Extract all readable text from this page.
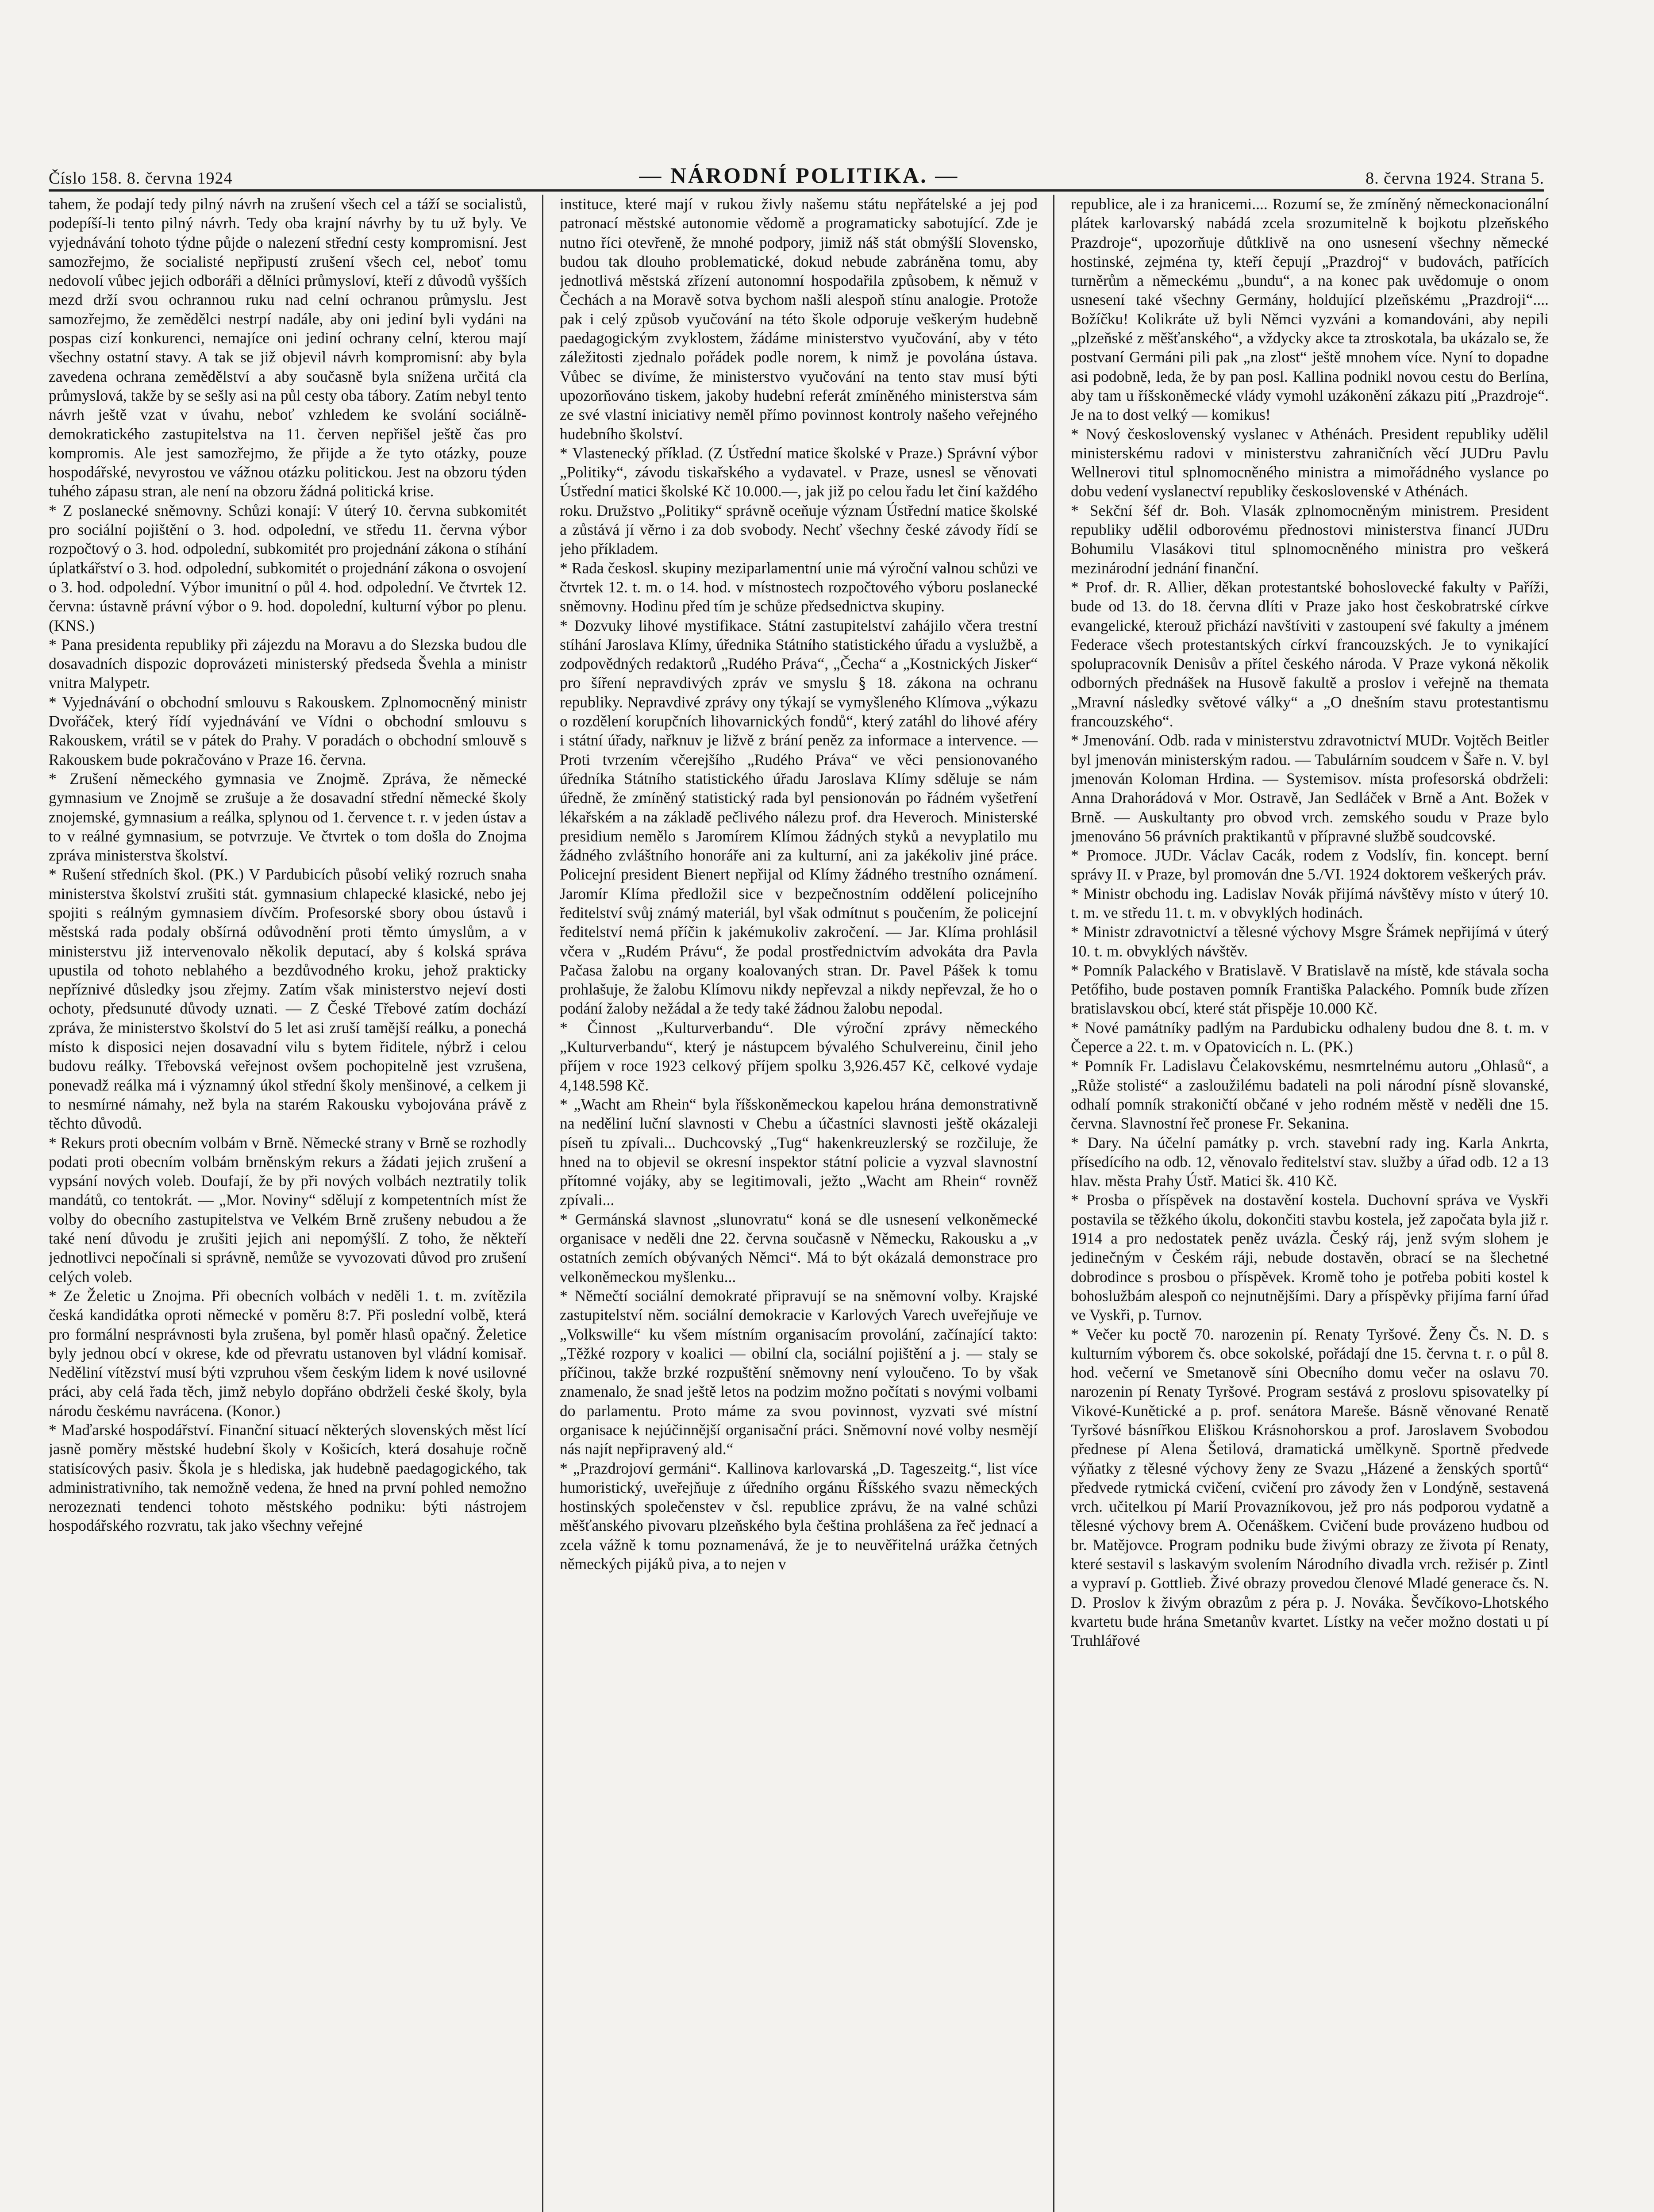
Číslo 158. 8. června 1924	— NÁRODNÍ POLITIKA. —	8. června 1924. Strana 5.

tahem, že podají tedy pilný návrh na zrušení všech cel a táží se socialistů, podepíší-li tento pilný návrh. Tedy oba krajní návrhy by tu už byly. Ve vyjednávání tohoto týdne půjde o nalezení střední cesty kompromisní. Jest samozřejmo, že socialisté nepřipustí zrušení všech cel, neboť tomu nedovolí vůbec jejich odboráři a dělníci průmysloví, kteří z důvodů vyšších mezd drží svou ochrannou ruku nad celní ochranou průmyslu. Jest samozřejmo, že zemědělci nestrpí nadále, aby oni jediní byli vydáni na pospas cizí konkurenci, nemajíce oni jediní ochrany celní, kterou mají všechny ostatní stavy. A tak se již objevil návrh kompromisní: aby byla zavedena ochrana zemědělství a aby současně byla snížena určitá cla průmyslová, takže by se sešly asi na půl cesty oba tábory. Zatím nebyl tento návrh ještě vzat v úvahu, neboť vzhledem ke svolání sociálně-demokratického zastupitelstva na 11. červen nepřišel ještě čas pro kompromis. Ale jest samozřejmo, že přijde a že tyto otázky, pouze hospodářské, nevyrostou ve vážnou otázku politickou. Jest na obzoru týden tuhého zápasu stran, ale není na obzoru žádná politická krise.

* Z poslanecké sněmovny. Schůzi konají: V úterý 10. června subkomitét pro sociální pojištění o 3. hod. odpolední, ve středu 11. června výbor rozpočtový o 3. hod. odpolední, subkomitét pro projednání zákona o stíhání úplatkářství o 3. hod. odpolední, subkomitét o projednání zákona o osvojení o 3. hod. odpolední. Výbor imunitní o půl 4. hod. odpolední. Ve čtvrtek 12. června: ústavně právní výbor o 9. hod. dopolední, kulturní výbor po plenu. (KNS.)

* Pana presidenta republiky při zájezdu na Moravu a do Slezska budou dle dosavadních dispozic doprovázeti ministerský předseda Švehla a ministr vnitra Malypetr.

* Vyjednávání o obchodní smlouvu s Rakouskem. Zplnomocněný ministr Dvořáček, který řídí vyjednávání ve Vídni o obchodní smlouvu s Rakouskem, vrátil se v pátek do Prahy. V poradách o obchodní smlouvě s Rakouskem bude pokračováno v Praze 16. června.

* Zrušení německého gymnasia ve Znojmě. Zpráva, že německé gymnasium ve Znojmě se zrušuje a že dosavadní střední německé školy znojemské, gymnasium a reálka, splynou od 1. července t. r. v jeden ústav a to v reálné gymnasium, se potvrzuje. Ve čtvrtek o tom došla do Znojma zpráva ministerstva školství.

* Rušení středních škol. (PK.) V Pardubicích působí veliký rozruch snaha ministerstva školství zrušiti stát. gymnasium chlapecké klasické, nebo jej spojiti s reálným gymnasiem dívčím. Profesorské sbory obou ústavů i městská rada podaly obšírná odůvodnění proti těmto úmyslům, a v ministerstvu již intervenovalo několik deputací, aby ś kolská správa upustila od tohoto neblahého a bezdůvodného kroku, jehož prakticky nepříznivé důsledky jsou zřejmy. Zatím však ministerstvo nejeví dosti ochoty, předsunuté důvody uznati. — Z České Třebové zatím dochází zpráva, že ministerstvo školství do 5 let asi zruší tamější reálku, a ponechá místo k disposici nejen dosavadní vilu s bytem řiditele, nýbrž i celou budovu reálky. Třebovská veřejnost ovšem pochopitelně jest vzrušena, ponevadž reálka má i významný úkol střední školy menšinové, a celkem ji to nesmírné námahy, než byla na starém Rakousku vybojována právě z těchto důvodů.

* Rekurs proti obecním volbám v Brně. Německé strany v Brně se rozhodly podati proti obecním volbám brněnským rekurs a žádati jejich zrušení a vypsání nových voleb. Doufají, že by při nových volbách neztratily tolik mandátů, co tentokrát. — „Mor. Noviny“ sdělují z kompetentních míst že volby do obecního zastupitelstva ve Velkém Brně zrušeny nebudou a že také není důvodu je zrušiti jejich ani nepomýšlí. Z toho, že někteří jednotlivci nepočínali si správně, nemůže se vyvozovati důvod pro zrušení celých voleb.

* Ze Želetic u Znojma. Při obecních volbách v neděli 1. t. m. zvítězila česká kandidátka oproti německé v poměru 8:7. Při poslední volbě, která pro formální nesprávnosti byla zrušena, byl poměr hlasů opačný. Želetice byly jednou obcí v okrese, kde od převratu ustanoven byl vládní komisař. Neděliní vítězství musí býti vzpruhou všem českým lidem k nové usilovné práci, aby celá řada těch, jimž nebylo dopřáno obdrželi české školy, byla národu českému navrácena. (Konor.)

* Maďarské hospodářství. Finanční situací některých slovenských měst lící jasně poměry městské hudební školy v Košicích, která dosahuje ročně statisícových pasiv. Škola je s hlediska, jak hudebně paedagogického, tak administrativního, tak nemožně vedena, že hned na první pohled nemožno nerozeznati tendenci tohoto městského podniku: býti nástrojem hospodářského rozvratu, tak jako všechny veřejné

instituce, které mají v rukou živly našemu státu nepřátelské a jej pod patronací městské autonomie vědomě a programaticky sabotující. Zde je nutno říci otevřeně, že mnohé podpory, jimiž náš stát obmýšlí Slovensko, budou tak dlouho problematické, dokud nebude zabráněna tomu, aby jednotlivá městská zřízení autonomní hospodařila způsobem, k němuž v Čechách a na Moravě sotva bychom našli alespoň stínu analogie. Protože pak i celý způsob vyučování na této škole odporuje veškerým hudebně paedagogickým zvyklostem, žádáme ministerstvo vyučování, aby v této záležitosti zjednalo pořádek podle norem, k nimž je povolána ústava. Vůbec se divíme, že ministerstvo vyučování na tento stav musí býti upozorňováno tiskem, jakoby hudební referát zmíněného ministerstva sám ze své vlastní iniciativy neměl přímo povinnost kontroly našeho veřejného hudebního školství.

* Vlastenecký příklad. (Z Ústřední matice školské v Praze.) Správní výbor „Politiky“, závodu tiskařského a vydavatel. v Praze, usnesl se věnovati Ústřední matici školské Kč 10.000.—, jak již po celou řadu let činí každého roku. Družstvo „Politiky“ správně oceňuje význam Ústřední matice školské a zůstává jí věrno i za dob svobody. Nechť všechny české závody řídí se jeho příkladem.

* Rada českosl. skupiny meziparlamentní unie má výroční valnou schůzi ve čtvrtek 12. t. m. o 14. hod. v místnostech rozpočtového výboru poslanecké sněmovny. Hodinu před tím je schůze předsednictva skupiny.

* Dozvuky lihové mystifikace. Státní zastupitelství zahájilo včera trestní stíhání Jaroslava Klímy, úřednika Státního statistického úřadu a vyslužbě, a zodpovědných redaktorů „Rudého Práva“, „Čecha“ a „Kostnických Jisker“ pro šíření nepravdivých zpráv ve smyslu § 18. zákona na ochranu republiky. Nepravdivé zprávy ony týkají se vymyšleného Klímova „výkazu o rozdělení korupčních lihovarnických fondů“, který zatáhl do lihové aféry i státní úřady, nařknuv je ližvě z brání peněz za informace a intervence. — Proti tvrzením včerejšího „Rudého Práva“ ve věci pensionovaného úředníka Státního statistického úřadu Jaroslava Klímy sděluje se nám úředně, že zmíněný statistický rada byl pensionován po řádném vyšetření lékařském a na základě pečlivého nálezu prof. dra Heveroch. Ministerské presidium nemělo s Jaromírem Klímou žádných styků a nevyplatilo mu žádného zvláštního honoráře ani za kulturní, ani za jakékoliv jiné práce. Policejní president Bienert nepřijal od Klímy žádného trestního oznámení. Jaromír Klíma předložil sice v bezpečnostním oddělení policejního ředitelství svůj známý materiál, byl však odmítnut s poučením, že policejní ředitelství nemá příčin k jakémukoliv zakročení. — Jar. Klíma prohlásil včera v „Rudém Právu“, že podal prostřednictvím advokáta dra Pavla Pačasa žalobu na organy koalovaných stran. Dr. Pavel Pášek k tomu prohlašuje, že žalobu Klímovu nikdy nepřevzal a nikdy nepřevzal, že ho o podání žaloby nežádal a že tedy také žádnou žalobu nepodal.

* Činnost „Kulturverbandu“. Dle výroční zprávy německého „Kulturverbandu“, který je nástupcem bývalého Schulvereinu, činil jeho příjem v roce 1923 celkový příjem spolku 3,926.457 Kč, celkové vydaje 4,148.598 Kč.

* „Wacht am Rhein“ byla říšskoněmeckou kapelou hrána demonstrativně na neděliní luční slavnosti v Chebu a účastníci slavnosti ještě okázaleji píseň tu zpívali... Duchcovský „Tug“ hakenkreuzlerský se rozčiluje, že hned na to objevil se okresní inspektor státní policie a vyzval slavnostní přítomné vojáky, aby se legitimovali, ježto „Wacht am Rhein“ rovněž zpívali...

* Germánská slavnost „slunovratu“ koná se dle usnesení velkoněmecké organisace v neděli dne 22. června současně v Německu, Rakousku a „v ostatních zemích obývaných Němci“. Má to být okázalá demonstrace pro velkoněmeckou myšlenku...

* Němečtí sociální demokraté připravují se na sněmovní volby. Krajské zastupitelství něm. sociální demokracie v Karlových Varech uveřejňuje ve „Volkswille“ ku všem místním organisacím provolání, začínající takto: „Těžké rozpory v koalici — obilní cla, sociální pojištění a j. — staly se příčinou, takže brzké rozpuštění sněmovny není vyloučeno. To by však znamenalo, že snad ještě letos na podzim možno počítati s novými volbami do parlamentu. Proto máme za svou povinnost, vyzvati své místní organisace k nejúčinnější organisační práci. Sněmovní nové volby nesmějí nás najít nepřipravený ald.“

* „Prazdrojoví germáni“. Kallinova karlovarská „D. Tageszeitg.“, list více humoristický, uveřejňuje z úředního orgánu Říšského svazu německých hostinských společenstev v čsl. republice zprávu, že na valné schůzi měšťanského pivovaru plzeňského byla čeština prohlášena za řeč jednací a zcela vážně k tomu poznamenává, že je to neuvěřitelná urážka četných německých pijáků piva, a to nejen v

republice, ale i za hranicemi.... Rozumí se, že zmíněný německonacionální plátek karlovarský nabádá zcela srozumitelně k bojkotu plzeňského Prazdroje“, upozorňuje důtklivě na ono usnesení všechny německé hostinské, zejména ty, kteří čepují „Prazdroj“ v budovách, patřících turněrům a německému „bundu“, a na konec pak uvědomuje o onom usnesení také všechny Germány, holdující plzeňskému „Prazdroji“.... Božíčku! Kolikráte už byli Němci vyzváni a komandováni, aby nepili „plzeňské z měšťanského“, a vždycky akce ta ztroskotala, ba ukázalo se, že postvaní Germáni pili pak „na zlost“ ještě mnohem více. Nyní to dopadne asi podobně, leda, že by pan posl. Kallina podnikl novou cestu do Berlína, aby tam u říšskoněmecké vlády vymohl uzákonění zákazu pití „Prazdroje“. Je na to dost velký — komikus!

* Nový československý vyslanec v Athénách. President republiky udělil ministerskému radovi v ministerstvu zahraničních věcí JUDru Pavlu Wellnerovi titul splnomocněného ministra a mimořádného vyslance po dobu vedení vyslanectví republiky československé v Athénách.

* Sekční šéf dr. Boh. Vlasák zplnomocněným ministrem. President republiky udělil odborovému přednostovi ministerstva financí JUDru Bohumilu Vlasákovi titul splnomocněného ministra pro veškerá mezinárodní jednání finanční.

* Prof. dr. R. Allier, děkan protestantské bohoslovecké fakulty v Paříži, bude od 13. do 18. června dlíti v Praze jako host českobratrské církve evangelické, kterouž přichází navštíviti v zastoupení své fakulty a jménem Federace všech protestantských církví francouzských. Je to vynikající spolupracovník Denisův a přítel českého národa. V Praze vykoná několik odborných přednášek na Husově fakultě a proslov i veřejně na themata „Mravní následky světové války“ a „O dnešním stavu protestantismu francouzského“.

* Jmenování. Odb. rada v ministerstvu zdravotnictví MUDr. Vojtěch Beitler byl jmenován ministerským radou. — Tabulárním soudcem v Šaře n. V. byl jmenován Koloman Hrdina. — Systemisov. místa profesorská obdrželi: Anna Drahorádová v Mor. Ostravě, Jan Sedláček v Brně a Ant. Božek v Brně. — Auskultanty pro obvod vrch. zemského soudu v Praze bylo jmenováno 56 právních praktikantů v přípravné službě soudcovské.

* Promoce. JUDr. Václav Cacák, rodem z Vodslív, fin. koncept. berní správy II. v Praze, byl promován dne 5./VI. 1924 doktorem veškerých práv.

* Ministr obchodu ing. Ladislav Novák přijímá návštěvy místo v úterý 10. t. m. ve středu 11. t. m. v obvyklých hodinách.

* Ministr zdravotnictví a tělesné výchovy Msgre Šrámek nepřijímá v úterý 10. t. m. obvyklých návštěv.

* Pomník Palackého v Bratislavě. V Bratislavě na místě, kde stávala socha Petőfiho, bude postaven pomník Františka Palackého. Pomník bude zřízen bratislavskou obcí, které stát přispěje 10.000 Kč.

* Nové památníky padlým na Pardubicku odhaleny budou dne 8. t. m. v Čeperce a 22. t. m. v Opatovicích n. L. (PK.)

* Pomník Fr. Ladislavu Čelakovskému, nesmrtelnému autoru „Ohlasů“, a „Růže stolisté“ a zasloužilému badateli na poli národní písně slovanské, odhalí pomník strakoničtí občané v jeho rodném městě v neděli dne 15. června. Slavnostní řeč pronese Fr. Sekanina.

* Dary. Na účelní památky p. vrch. stavební rady ing. Karla Ankrta, přísedícího na odb. 12, věnovalo ředitelství stav. služby a úřad odb. 12 a 13 hlav. města Prahy Ústř. Matici šk. 410 Kč.

* Prosba o příspěvek na dostavění kostela. Duchovní správa ve Vyskři postavila se těžkého úkolu, dokončiti stavbu kostela, jež započata byla již r. 1914 a pro nedostatek peněz uvázla. Český ráj, jenž svým slohem je jedinečným v Českém ráji, nebude dostavěn, obrací se na šlechetné dobrodince s prosbou o příspěvek. Kromě toho je potřeba pobiti kostel k bohoslužbám alespoň co nejnutnějšími. Dary a příspěvky přijíma farní úřad ve Vyskři, p. Turnov.

* Večer ku poctě 70. narozenin pí. Renaty Tyršové. Ženy Čs. N. D. s kulturním výborem čs. obce sokolské, pořádají dne 15. června t. r. o půl 8. hod. večerní ve Smetanově síni Obecního domu večer na oslavu 70. narozenin pí Renaty Tyršové. Program sestává z proslovu spisovatelky pí Vikové-Kunětické a p. prof. senátora Mareše. Básně věnované Renatě Tyršové básnířkou Eliškou Krásnohorskou a prof. Jaroslavem Svobodou přednese pí Alena Šetilová, dramatická umělkyně. Sportně předvede výňatky z tělesné výchovy ženy ze Svazu „Házené a ženských sportů“ předvede rytmická cvičení, cvičení pro závody žen v Londýně, sestavená vrch. učitelkou pí Marií Provazníkovou, jež pro nás podporou vydatně a tělesné výchovy brem A. Očenáškem. Cvičení bude provázeno hudbou od br. Matějovce. Program podniku bude živými obrazy ze života pí Renaty, které sestavil s laskavým svolením Národního divadla vrch. režisér p. Zintl a vypraví p. Gottlieb. Živé obrazy provedou členové Mladé generace čs. N. D. Proslov k živým obrazům z péra p. J. Nováka. Ševčíkovo-Lhotského kvartetu bude hrána Smetanův kvartet. Lístky na večer možno dostati u pí Truhlářové
